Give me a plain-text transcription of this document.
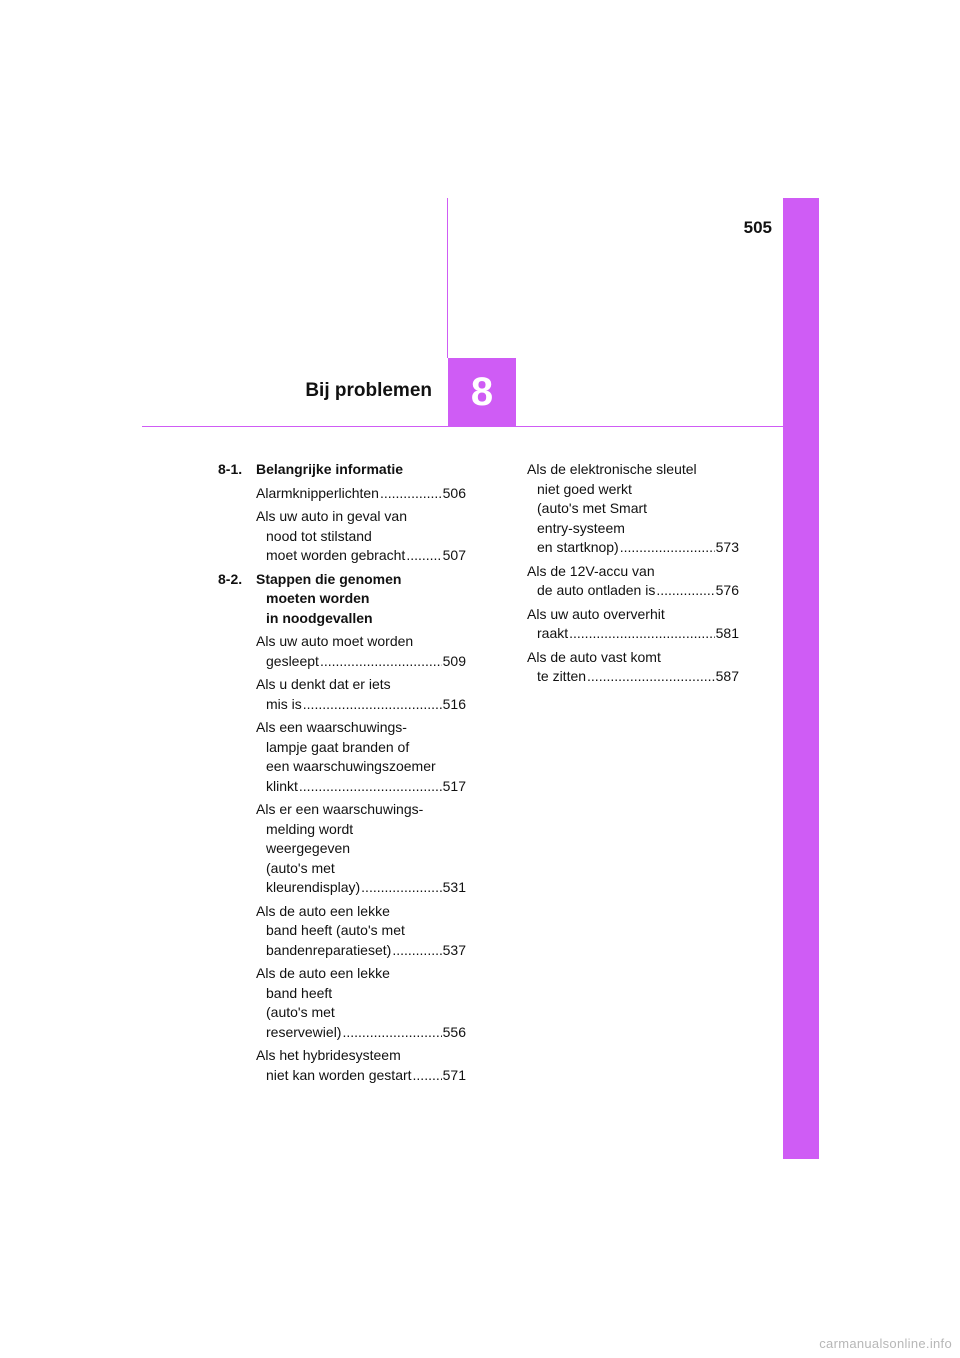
505
8
Bij problemen
8-1. Belangrijke informatie
Alarmknipperlichten .....	506
Als uw auto in geval van
nood tot stilstand
moet worden gebracht .....	507
8-2. Stappen die genomen
moeten worden
in noodgevallen
Als uw auto moet worden
gesleept .....	509
Als u denkt dat er iets
mis is .....	516
Als een waarschuwings-
lampje gaat branden of
een waarschuwingszoemer
klinkt .....	517
Als er een waarschuwings-
melding wordt
weergegeven
(auto's met
kleurendisplay) .....	531
Als de auto een lekke
band heeft (auto's met
bandenreparatieset) .....	537
Als de auto een lekke
band heeft
(auto's met
reservewiel) .....	556
Als het hybridesysteem
niet kan worden gestart ..... 571
Als de elektronische sleutel
niet goed werkt
(auto's met Smart
entry-systeem
en startknop) .....	573
Als de 12V-accu van
de auto ontladen is .....	576
Als uw auto oververhit
raakt .....	581
Als de auto vast komt
te zitten .....	587
carmanualsonline.info
